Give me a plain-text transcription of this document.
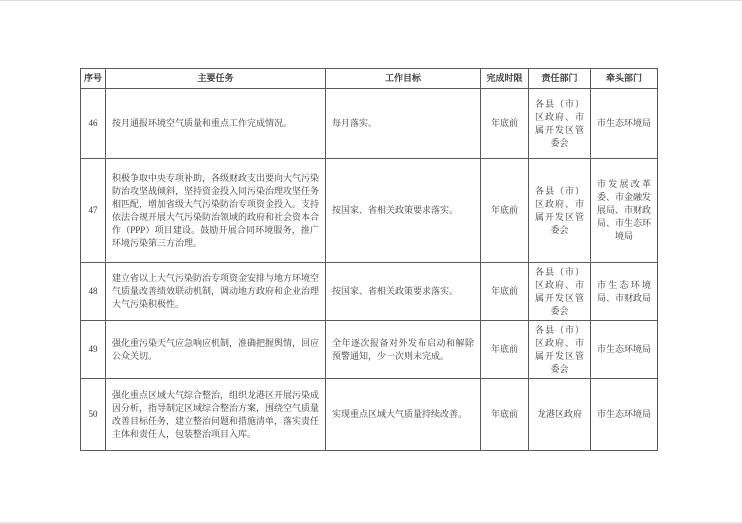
序号	主要任务	工作目标	完成时限	责任部门	牵头部门
46	按月通报环境空气质量和重点工作完成情况。	每月落实。	年底前	各县（市）区政府、市属开发区管委会	市生态环境局
47	积极争取中央专项补助，各级财政支出要向大气污染防治攻坚战倾斜，坚持资金投入同污染治理攻坚任务相匹配，增加省级大气污染防治专项资金投入。支持依法合规开展大气污染防治领域的政府和社会资本合作（PPP）项目建设。鼓励开展合同环境服务，推广环境污染第三方治理。	按国家、省相关政策要求落实。	年底前	各县（市）区政府、市属开发区管委会	市发展改革委、市金融发展局、市财政局、市生态环境局
48	建立省以上大气污染防治专项资金安排与地方环境空气质量改善绩效联动机制，调动地方政府和企业治理大气污染积极性。	按国家、省相关政策要求落实。	年底前	各县（市）区政府、市属开发区管委会	市生态环境局、市财政局
49	强化重污染天气应急响应机制，准确把握舆情，回应公众关切。	全年逐次报备对外发布启动和解除预警通知，少一次则未完成。	年底前	各县（市）区政府、市属开发区管委会	市生态环境局
50	强化重点区域大气综合整治，组织龙港区开展污染成因分析，指导制定区域综合整治方案，围绕空气质量改善目标任务，建立整治问题和措施清单，落实责任主体和责任人，包装整治项目入库。	实现重点区域大气质量持续改善。	年底前	龙港区政府	市生态环境局
